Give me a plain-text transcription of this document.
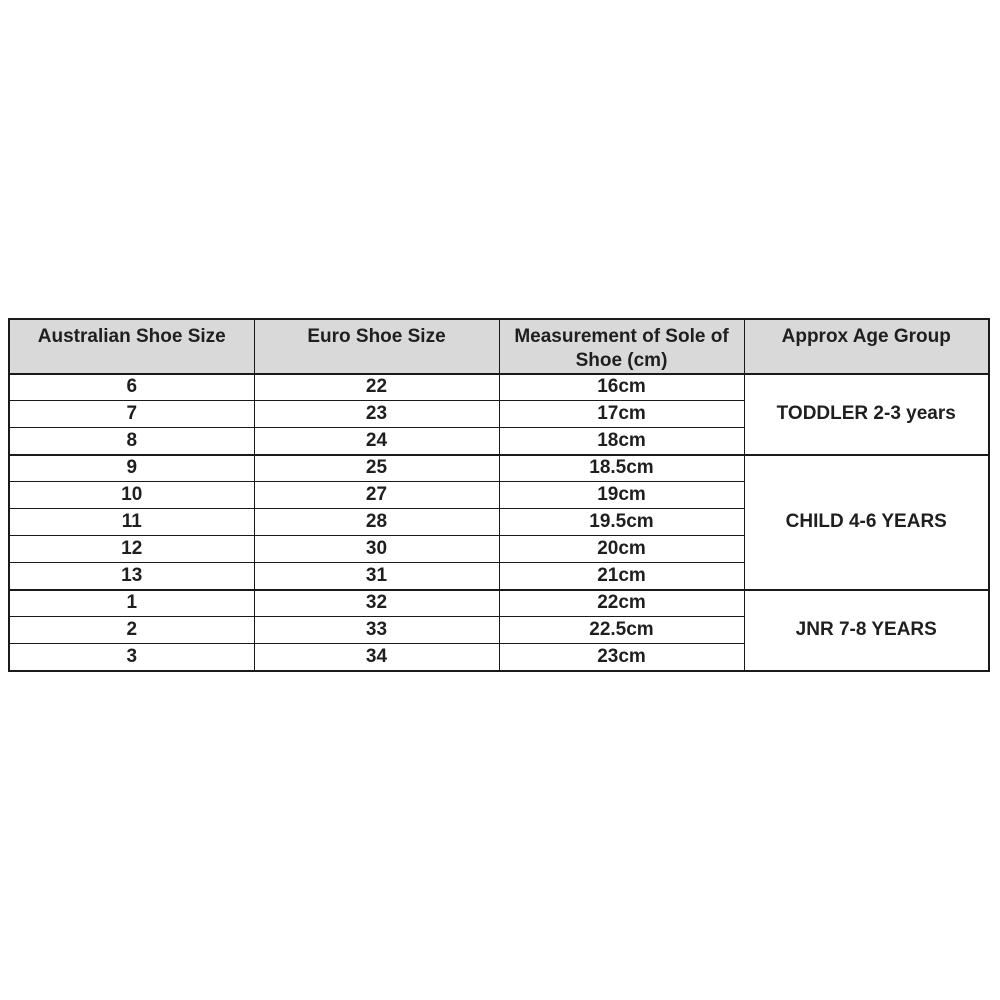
Australian Shoe Size	Euro Shoe Size	Measurement of Sole of Shoe (cm)	Approx Age Group
6	22	16cm	TODDLER 2-3 years
7	23	17cm	
8	24	18cm	
9	25	18.5cm	CHILD 4-6 YEARS
10	27	19cm	
11	28	19.5cm	
12	30	20cm	
13	31	21cm	
1	32	22cm	JNR 7-8 YEARS
2	33	22.5cm	
3	34	23cm	
